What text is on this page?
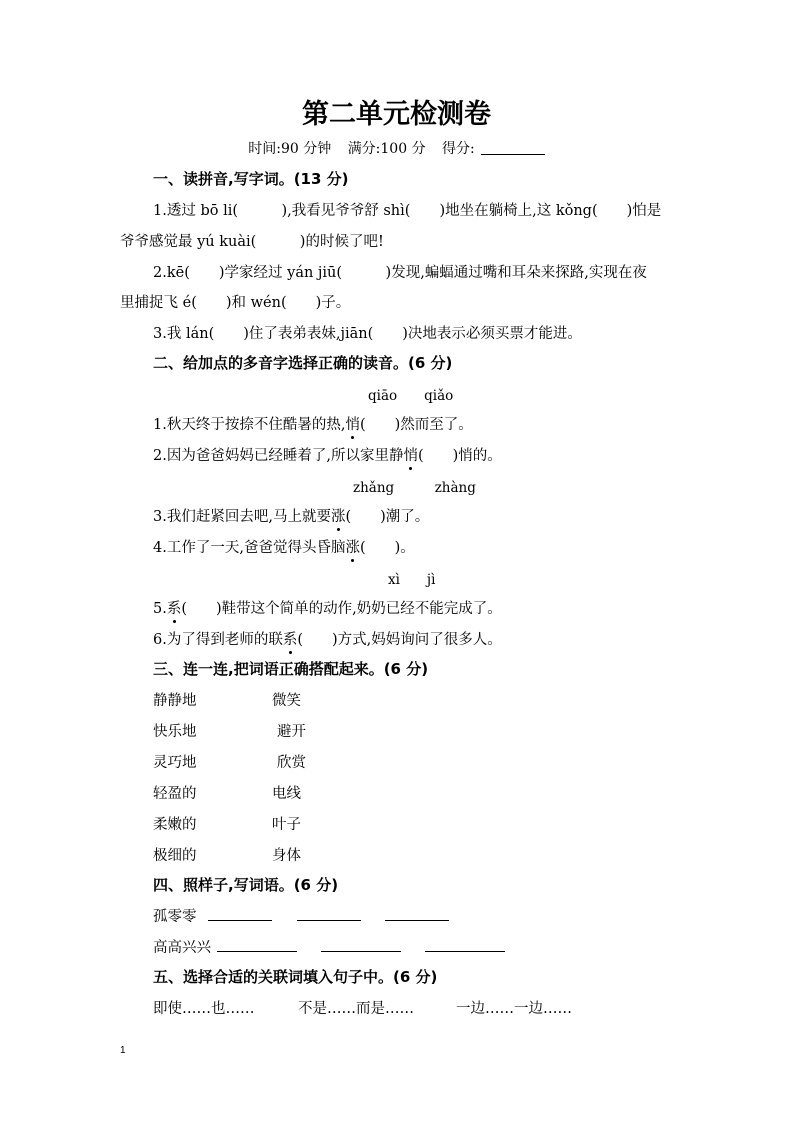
第二单元检测卷
时间:90 分钟 满分:100 分 得分:
一、读拼音,写字词。(13 分)
1.透过 bō li(　　　),我看见爷爷舒 shì(　　)地坐在躺椅上,这 kǒng(　　)怕是
爷爷感觉最 yú kuài(　　　)的时候了吧!
2.kē(　　)学家经过 yán jiū(　　　)发现,蝙蝠通过嘴和耳朵来探路,实现在夜
里捕捉飞 é(　　)和 wén(　　)子。
3.我 lán(　　)住了表弟表妹,jiān(　　)决地表示必须买票才能进。
二、给加点的多音字选择正确的读音。(6 分)
qiāo　　qiǎo
1.秋天终于按捺不住酷暑的热,悄(　　)然而至了。
2.因为爸爸妈妈已经睡着了,所以家里静悄(　　)悄的。
zhǎng　　　zhàng
3.我们赶紧回去吧,马上就要涨(　　)潮了。
4.工作了一天,爸爸觉得头昏脑涨(　　)。
xì　　jì
5.系(　　)鞋带这个简单的动作,奶奶已经不能完成了。
6.为了得到老师的联系(　　)方式,妈妈询问了很多人。
三、连一连,把词语正确搭配起来。(6 分)
静静地	微笑
快乐地	避开
灵巧地	欣赏
轻盈的	电线
柔嫩的	叶子
极细的	身体
四、照样子,写词语。(6 分)
孤零零
高高兴兴
五、选择合适的关联词填入句子中。(6 分)
即使……也……	不是……而是……	一边……一边……
1
